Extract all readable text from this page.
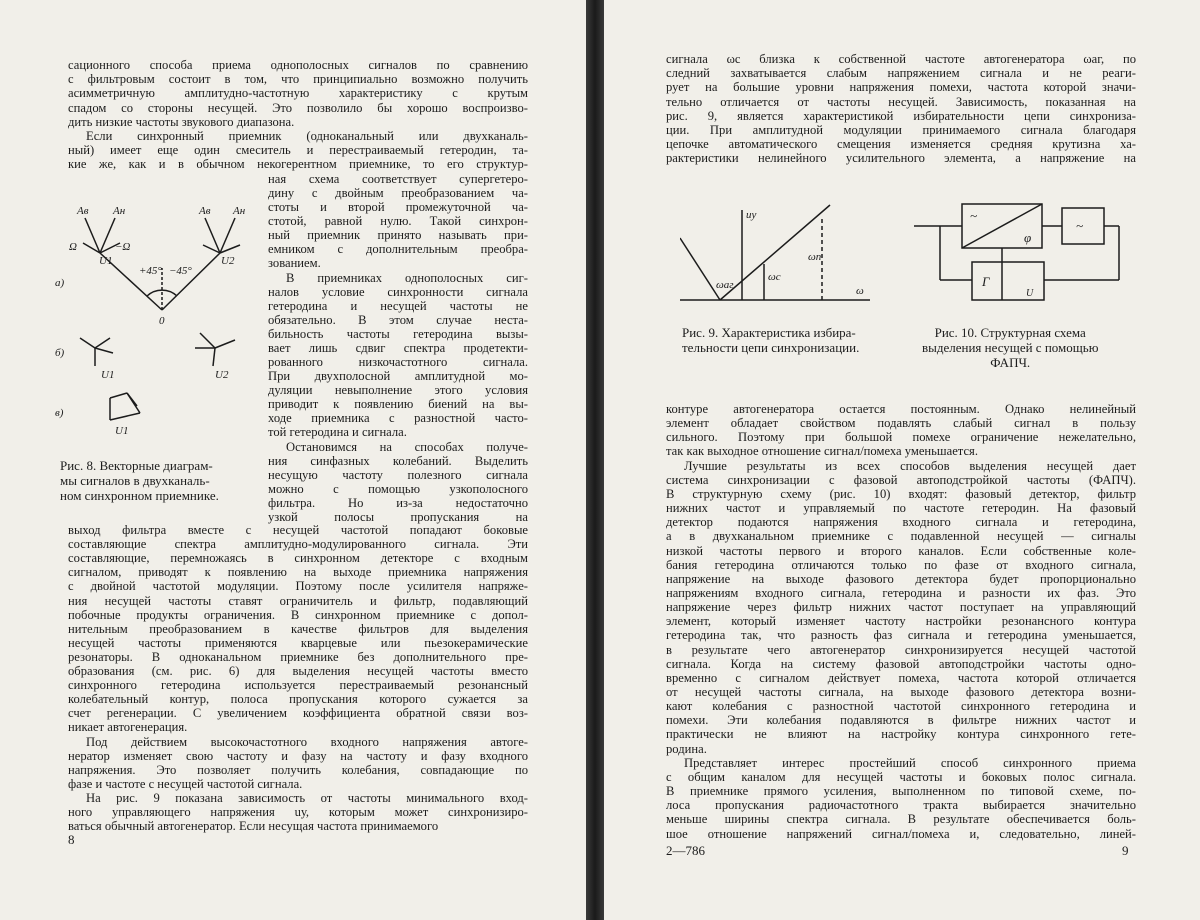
сационного способа приема однополосных сигналов по сравнению
с фильтровым состоит в том, что принципиально возможно получить
асимметричную амплитудно-частотную характеристику с крутым
спадом со стороны несущей. Это позволило бы хорошо воспроизво-
дить низкие частоты звукового диапазона.
Если синхронный приемник (одноканальный или двухканаль-
ный) имеет еще один смеситель и перестраиваемый гетеродин, та-
кие же, как и в обычном некогерентном приемнике, то его структур-
ная схема соответствует супергетеро-
дину с двойным преобразованием ча-
стоты и второй промежуточной ча-
стотой, равной нулю. Такой синхрон-
ный приемник принято называть при-
емником с дополнительным преобра-
зованием.
В приемниках однополосных сиг-
налов условие синхронности сигнала
гетеродина и несущей частоты не
обязательно. В этом случае неста-
бильность частоты гетеродина вызы-
вает лишь сдвиг спектра продетекти-
рованного низкочастотного сигнала.
При двухполосной амплитудной мо-
дуляции невыполнение этого условия
приводит к появлению биений на вы-
ходе приемника с разностной часто-
той гетеродина и сигнала.
Остановимся на способах получе-
ния синфазных колебаний. Выделить
несущую частоту полезного сигнала
можно с помощью узкополосного
фильтра. Но из-за недостаточно
узкой полосы пропускания на
выход фильтра вместе с несущей частотой попадают боковые
составляющие спектра амплитудно-модулированного сигнала. Эти
составляющие, перемножаясь в синхронном детекторе с входным
сигналом, приводят к появлению на выходе приемника напряжения
с двойной частотой модуляции. Поэтому после усилителя напряже-
ния несущей частоты ставят ограничитель и фильтр, подавляющий
побочные продукты ограничения. В синхронном приемнике с допол-
нительным преобразованием в качестве фильтров для выделения
несущей частоты применяются кварцевые или пьезокерамические
резонаторы. В одноканальном приемнике без дополнительного пре-
образования (см. рис. 6) для выделения несущей частоты вместо
синхронного гетеродина используется перестраиваемый резонансный
колебательный контур, полоса пропускания которого сужается за
счет регенерации. С увеличением коэффициента обратной связи воз-
никает автогенерация.
Под действием высокочастотного входного напряжения автоге-
нератор изменяет свою частоту и фазу на частоту и фазу входного
напряжения. Это позволяет получить колебания, совпадающие по
фазе и частоте с несущей частотой сигнала.
На рис. 9 показана зависимость от частоты минимального вход-
ного управляющего напряжения uу, которым может синхронизиро-
ваться обычный автогенератор. Если несущая частота принимаемого
Aв Aн	Aв Aн
Ω	−Ω
U1	U2
+45° −45°
0
а)
б)
в)
U1	U2
U1
Рис. 8. Векторные диаграм-
мы сигналов в двухканаль-
ном синхронном приемнике.
8
сигнала ωс близка к собственной частоте автогенератора ωаг, по
следний захватывается слабым напряжением сигнала и не реаги-
рует на большие уровни напряжения помехи, частота которой значи-
тельно отличается от частоты несущей. Зависимость, показанная на
рис. 9, является характеристикой избирательности цепи синхрониза-
ции. При амплитудной модуляции принимаемого сигнала благодаря
цепочке автоматического смещения изменяется средняя крутизна ха-
рактеристики нелинейного усилительного элемента, а напряжение на
uу
ωаг
ωс
ωп
ω
~
φ
~
Г
U
Рис. 9. Характеристика избира-
тельности цепи синхронизации.
Рис. 10. Структурная схема
выделения несущей с помощью
ФАПЧ.
контуре автогенератора остается постоянным. Однако нелинейный
элемент обладает свойством подавлять слабый сигнал в пользу
сильного. Поэтому при большой помехе ограничение нежелательно,
так как выходное отношение сигнал/помеха уменьшается.
Лучшие результаты из всех способов выделения несущей дает
система синхронизации с фазовой автоподстройкой частоты (ФАПЧ).
В структурную схему (рис. 10) входят: фазовый детектор, фильтр
нижних частот и управляемый по частоте гетеродин. На фазовый
детектор подаются напряжения входного сигнала и гетеродина,
а в двухканальном приемнике с подавленной несущей — сигналы
низкой частоты первого и второго каналов. Если собственные коле-
бания гетеродина отличаются только по фазе от входного сигнала,
напряжение на выходе фазового детектора будет пропорционально
напряжениям входного сигнала, гетеродина и разности их фаз. Это
напряжение через фильтр нижних частот поступает на управляющий
элемент, который изменяет частоту настройки резонансного контура
гетеродина так, что разность фаз сигнала и гетеродина уменьшается,
в результате чего автогенератор синхронизируется несущей частотой
сигнала. Когда на систему фазовой автоподстройки частоты одно-
временно с сигналом действует помеха, частота которой отличается
от несущей частоты сигнала, на выходе фазового детектора возни-
кают колебания с разностной частотой синхронного гетеродина и
помехи. Эти колебания подавляются в фильтре нижних частот и
практически не влияют на настройку контура синхронного гете-
родина.
Представляет интерес простейший способ синхронного приема
с общим каналом для несущей частоты и боковых полос сигнала.
В приемнике прямого усиления, выполненном по типовой схеме, по-
лоса пропускания радиочастотного тракта выбирается значительно
меньше ширины спектра сигнала. В результате обеспечивается боль-
шое отношение напряжений сигнал/помеха и, следовательно, линей-
2—786	9
